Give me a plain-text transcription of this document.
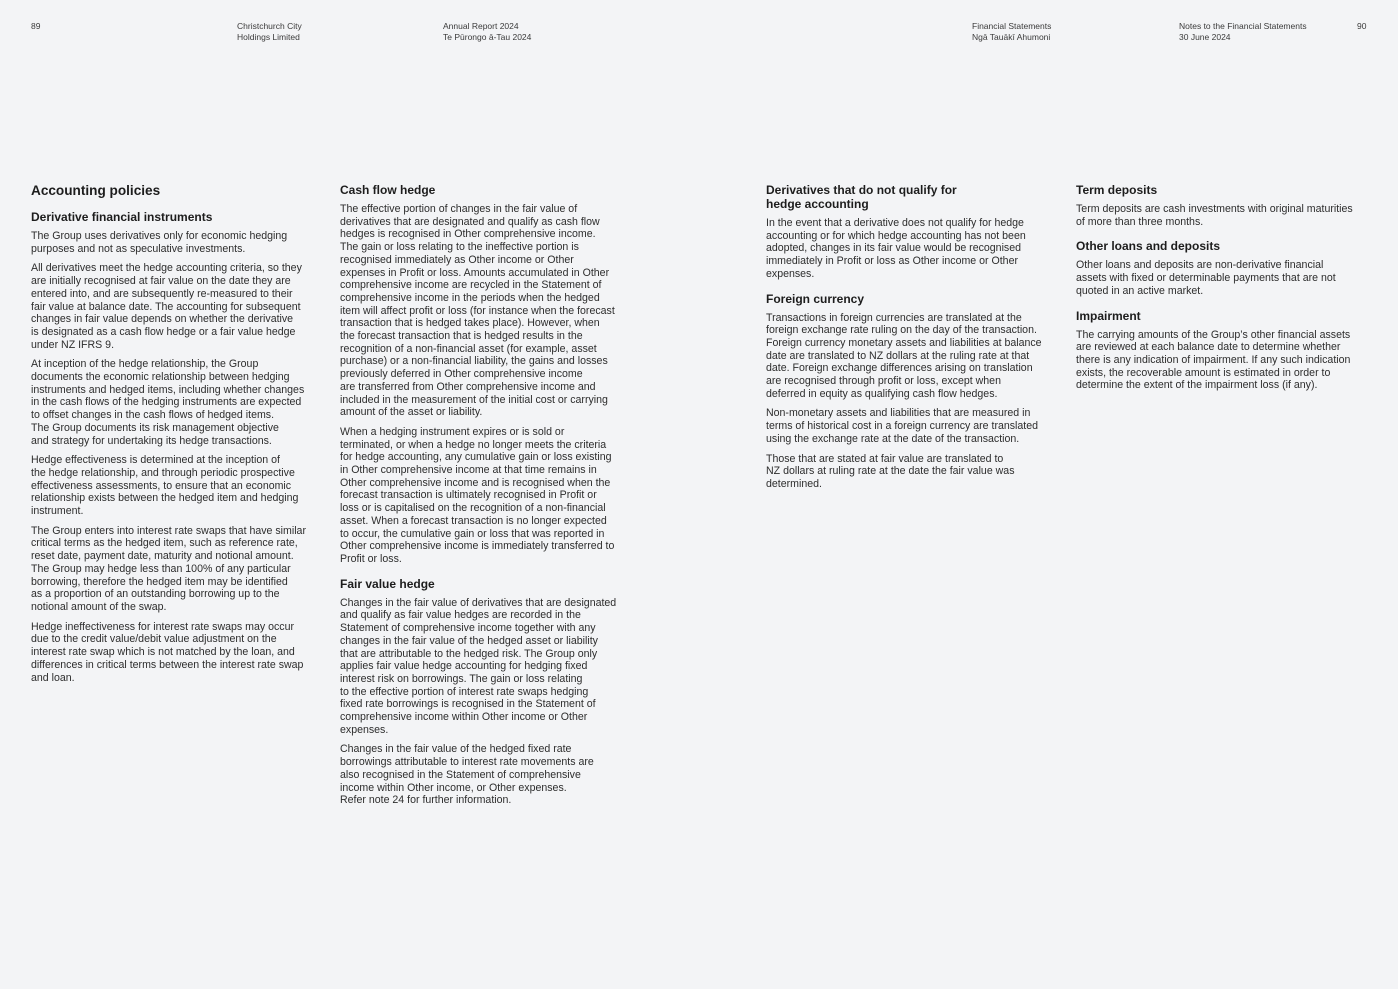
89	Christchurch City
Holdings Limited
Annual Report 2024
Te Pūrongo ā-Tau 2024
Financial Statements
Ngā Tauākī Ahumoni
Notes to the Financial Statements
30 June 2024
90
Accounting policies
Derivative financial instruments

The Group uses derivatives only for economic hedging
purposes and not as speculative investments.

All derivatives meet the hedge accounting criteria, so they
are initially recognised at fair value on the date they are
entered into, and are subsequently re-measured to their
fair value at balance date. The accounting for subsequent
changes in fair value depends on whether the derivative
is designated as a cash flow hedge or a fair value hedge
under NZ IFRS 9.

At inception of the hedge relationship, the Group
documents the economic relationship between hedging
instruments and hedged items, including whether changes
in the cash flows of the hedging instruments are expected
to offset changes in the cash flows of hedged items.
The Group documents its risk management objective
and strategy for undertaking its hedge transactions.

Hedge effectiveness is determined at the inception of
the hedge relationship, and through periodic prospective
effectiveness assessments, to ensure that an economic
relationship exists between the hedged item and hedging
instrument.

The Group enters into interest rate swaps that have similar
critical terms as the hedged item, such as reference rate,
reset date, payment date, maturity and notional amount.
The Group may hedge less than 100% of any particular
borrowing, therefore the hedged item may be identified
as a proportion of an outstanding borrowing up to the
notional amount of the swap.

Hedge ineffectiveness for interest rate swaps may occur
due to the credit value/debit value adjustment on the
interest rate swap which is not matched by the loan, and
differences in critical terms between the interest rate swap
and loan.

Cash flow hedge

The effective portion of changes in the fair value of
derivatives that are designated and qualify as cash flow
hedges is recognised in Other comprehensive income.
The gain or loss relating to the ineffective portion is
recognised immediately as Other income or Other
expenses in Profit or loss. Amounts accumulated in Other
comprehensive income are recycled in the Statement of
comprehensive income in the periods when the hedged
item will affect profit or loss (for instance when the forecast
transaction that is hedged takes place). However, when
the forecast transaction that is hedged results in the
recognition of a non-financial asset (for example, asset
purchase) or a non-financial liability, the gains and losses
previously deferred in Other comprehensive income
are transferred from Other comprehensive income and
included in the measurement of the initial cost or carrying
amount of the asset or liability.

When a hedging instrument expires or is sold or
terminated, or when a hedge no longer meets the criteria
for hedge accounting, any cumulative gain or loss existing
in Other comprehensive income at that time remains in
Other comprehensive income and is recognised when the
forecast transaction is ultimately recognised in Profit or
loss or is capitalised on the recognition of a non-financial
asset. When a forecast transaction is no longer expected
to occur, the cumulative gain or loss that was reported in
Other comprehensive income is immediately transferred to
Profit or loss.

Fair value hedge

Changes in the fair value of derivatives that are designated
and qualify as fair value hedges are recorded in the
Statement of comprehensive income together with any
changes in the fair value of the hedged asset or liability
that are attributable to the hedged risk. The Group only
applies fair value hedge accounting for hedging fixed
interest risk on borrowings. The gain or loss relating
to the effective portion of interest rate swaps hedging
fixed rate borrowings is recognised in the Statement of
comprehensive income within Other income or Other
expenses.

Changes in the fair value of the hedged fixed rate
borrowings attributable to interest rate movements are
also recognised in the Statement of comprehensive
income within Other income, or Other expenses.
Refer note 24 for further information.

Derivatives that do not qualify for
hedge accounting

In the event that a derivative does not qualify for hedge
accounting or for which hedge accounting has not been
adopted, changes in its fair value would be recognised
immediately in Profit or loss as Other income or Other
expenses.

Foreign currency

Transactions in foreign currencies are translated at the
foreign exchange rate ruling on the day of the transaction.
Foreign currency monetary assets and liabilities at balance
date are translated to NZ dollars at the ruling rate at that
date. Foreign exchange differences arising on translation
are recognised through profit or loss, except when
deferred in equity as qualifying cash flow hedges.

Non-monetary assets and liabilities that are measured in
terms of historical cost in a foreign currency are translated
using the exchange rate at the date of the transaction.

Those that are stated at fair value are translated to
NZ dollars at ruling rate at the date the fair value was
determined.

Term deposits

Term deposits are cash investments with original maturities
of more than three months.

Other loans and deposits

Other loans and deposits are non-derivative financial
assets with fixed or determinable payments that are not
quoted in an active market.

Impairment

The carrying amounts of the Group’s other financial assets
are reviewed at each balance date to determine whether
there is any indication of impairment. If any such indication
exists, the recoverable amount is estimated in order to
determine the extent of the impairment loss (if any).
